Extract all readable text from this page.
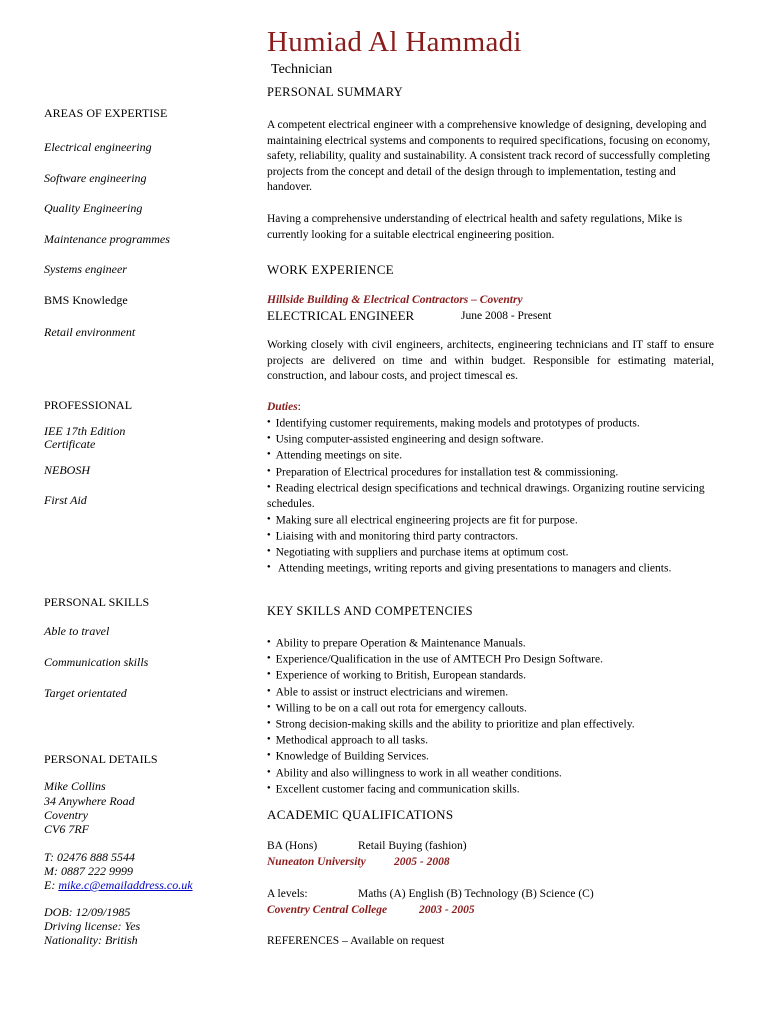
Humiad Al Hammadi
Technician
AREAS OF EXPERTISE
Electrical engineering
Software engineering
Quality Engineering
Maintenance programmes
Systems engineer
BMS Knowledge
Retail environment
PROFESSIONAL
IEE 17th Edition
Certificate
NEBOSH
First Aid
PERSONAL SKILLS
Able to travel
Communication skills
Target orientated
PERSONAL DETAILS
Mike Collins
34 Anywhere Road
Coventry
CV6 7RF
T: 02476 888 5544
M: 0887 222 9999
E: mike.c@emailaddress.co.uk
DOB: 12/09/1985
Driving license: Yes
Nationality: British
PERSONAL SUMMARY
A competent electrical engineer with a comprehensive knowledge of designing, developing and maintaining electrical systems and components to required specifications, focusing on economy, safety, reliability, quality and sustainability. A consistent track record of successfully completing projects from the concept and detail of the design through to implementation, testing and handover.
Having a comprehensive understanding of electrical health and safety regulations, Mike is currently looking for a suitable electrical engineering position.
WORK EXPERIENCE
Hillside Building & Electrical Contractors – Coventry
ELECTRICAL ENGINEER	June 2008 - Present
Working closely with civil engineers, architects, engineering technicians and IT staff to ensure projects are delivered on time and within budget. Responsible for estimating material, construction, and labour costs, and project timescal es.
Duties:
● Identifying customer requirements, making models and prototypes of products.
● Using computer-assisted engineering and design software.
● Attending meetings on site.
● Preparation of Electrical procedures for installation test & commissioning.
● Reading electrical design specifications and technical drawings. Organizing routine servicing schedules.
● Making sure all electrical engineering projects are fit for purpose.
● Liaising with and monitoring third party contractors.
● Negotiating with suppliers and purchase items at optimum cost.
● Attending meetings, writing reports and giving presentations to managers and clients.
KEY SKILLS AND COMPETENCIES
● Ability to prepare Operation & Maintenance Manuals.
● Experience/Qualification in the use of AMTECH Pro Design Software.
● Experience of working to British, European standards.
● Able to assist or instruct electricians and wiremen.
● Willing to be on a call out rota for emergency callouts.
● Strong decision-making skills and the ability to prioritize and plan effectively.
● Methodical approach to all tasks.
● Knowledge of Building Services.
● Ability and also willingness to work in all weather conditions.
● Excellent customer facing and communication skills.
ACADEMIC QUALIFICATIONS
BA (Hons)	Retail Buying (fashion)
Nuneaton University 2005 - 2008
A levels:	Maths (A) English (B) Technology (B) Science (C)
Coventry Central College	2003 - 2005
REFERENCES – Available on request
